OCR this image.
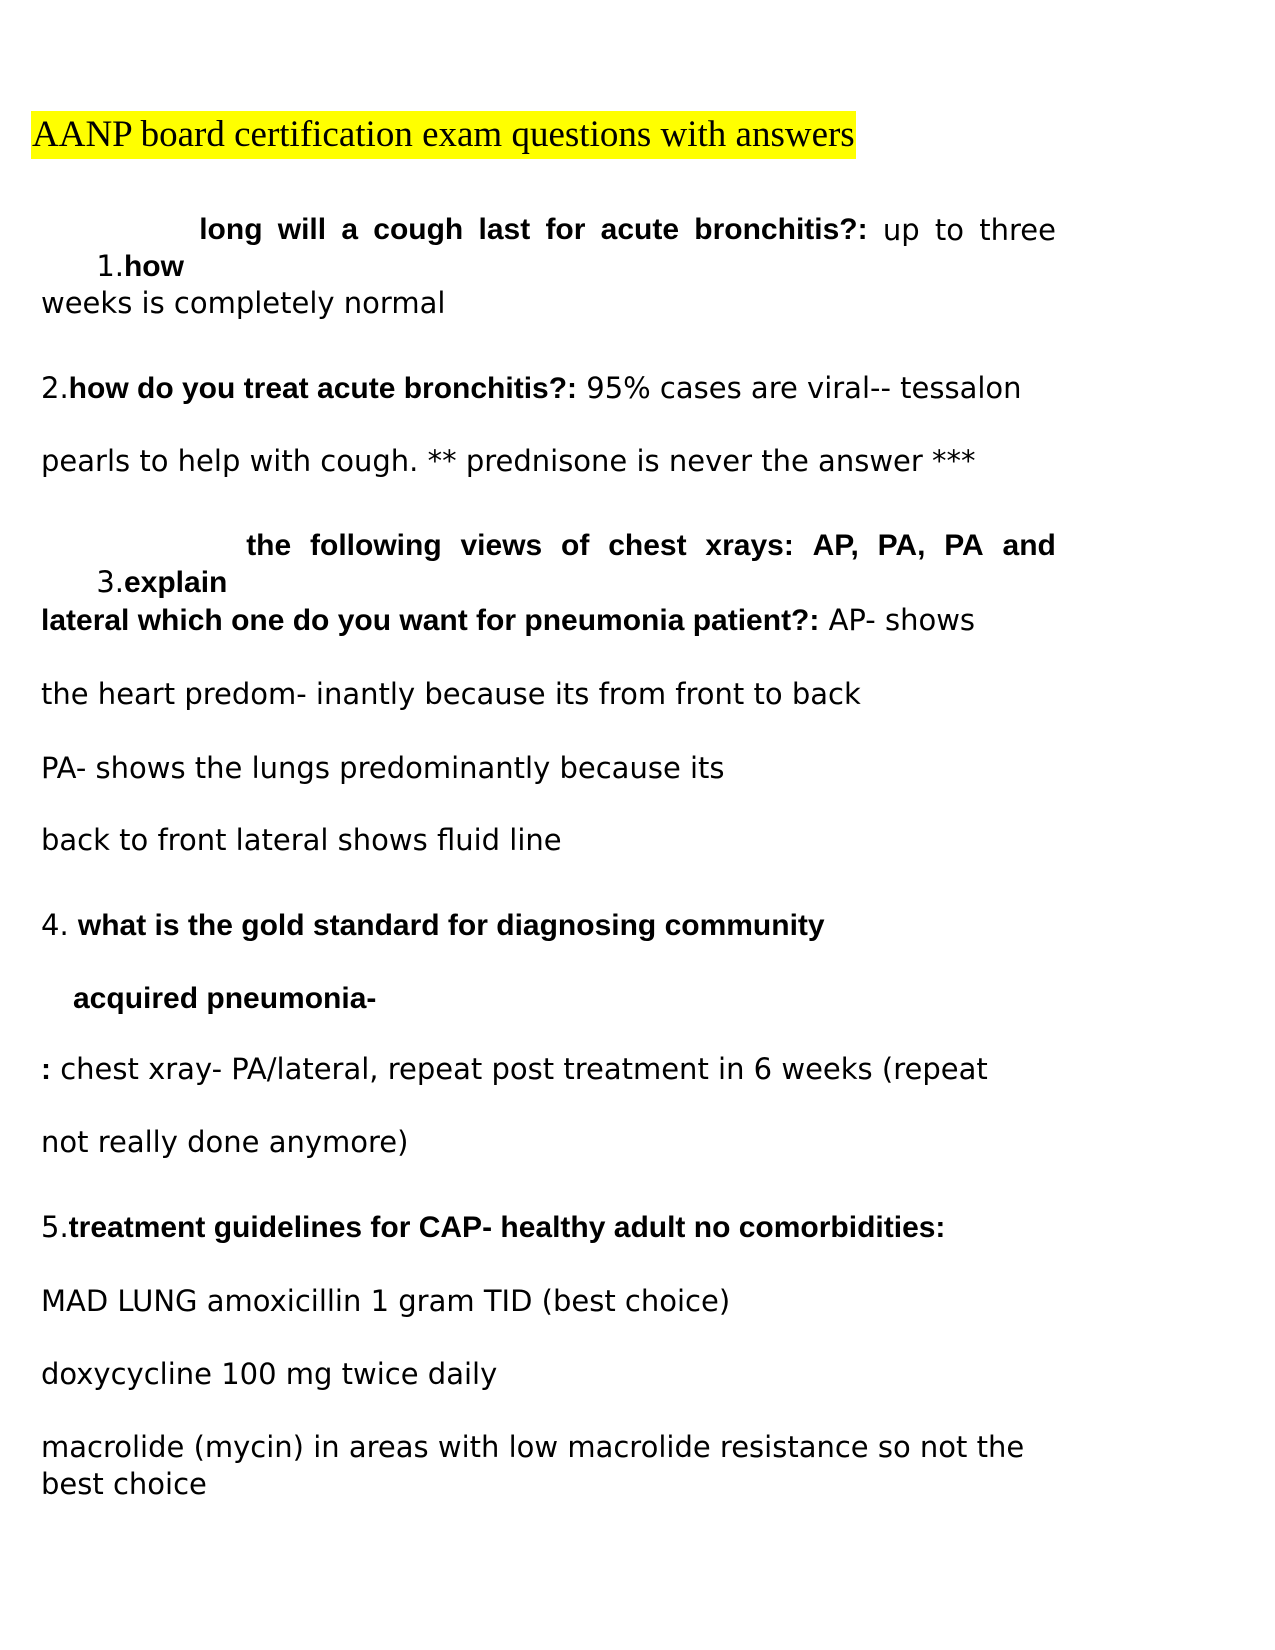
AANP board certification exam questions with answers

1.how

long will a cough last for acute bronchitis?: up to three
weeks is completely normal
2.how do you treat acute bronchitis?: 95% cases are viral-- tessalon
pearls to help with cough. ** prednisone is never the answer ***

3.explain

the following views of chest xrays: AP, PA, PA and
lateral which one do you want for pneumonia patient?: AP- shows
the heart predom- inantly because its from front to back
PA- shows the lungs predominantly because its
back to front lateral shows fluid line
4. what is the gold standard for diagnosing community
acquired pneumonia-
: chest xray- PA/lateral, repeat post treatment in 6 weeks (repeat
not really done anymore)
5.treatment guidelines for CAP- healthy adult no comorbidities:
MAD LUNG amoxicillin 1 gram TID (best choice)
doxycycline 100 mg twice daily
macrolide (mycin) in areas with low macrolide resistance so not the
best choice
